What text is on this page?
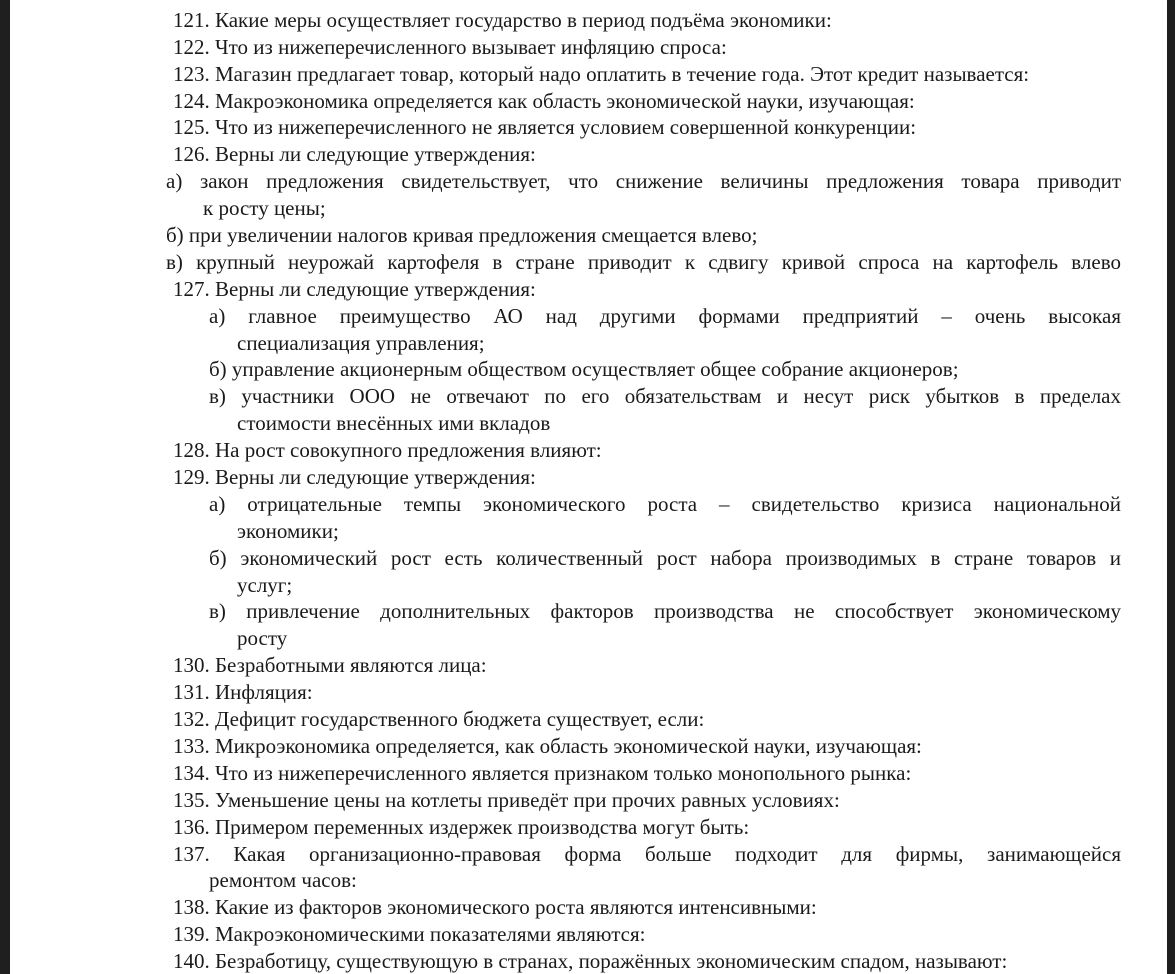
121. Какие меры осуществляет государство в период подъёма экономики:
122. Что из нижеперечисленного вызывает инфляцию спроса:
123. Магазин предлагает товар, который надо оплатить в течение года. Этот кредит называется:
124. Макроэкономика определяется как область экономической науки, изучающая:
125. Что из нижеперечисленного не является условием совершенной конкуренции:
126. Верны ли следующие утверждения:
а) закон предложения свидетельствует, что снижение величины предложения товара приводит
к росту цены;
б) при увеличении налогов кривая предложения смещается влево;
в) крупный неурожай картофеля в стране приводит к сдвигу кривой спроса на картофель влево
127. Верны ли следующие утверждения:
а) главное преимущество АО над другими формами предприятий – очень высокая
специализация управления;
б) управление акционерным обществом осуществляет общее собрание акционеров;
в) участники ООО не отвечают по его обязательствам и несут риск убытков в пределах
стоимости внесённых ими вкладов
128. На рост совокупного предложения влияют:
129. Верны ли следующие утверждения:
а) отрицательные темпы экономического роста – свидетельство кризиса национальной
экономики;
б) экономический рост есть количественный рост набора производимых в стране товаров и
услуг;
в) привлечение дополнительных факторов производства не способствует экономическому
росту
130. Безработными являются лица:
131. Инфляция:
132. Дефицит государственного бюджета существует, если:
133. Микроэкономика определяется, как область экономической науки, изучающая:
134. Что из нижеперечисленного является признаком только монопольного рынка:
135. Уменьшение цены на котлеты приведёт при прочих равных условиях:
136. Примером переменных издержек производства могут быть:
137. Какая организационно-правовая форма больше подходит для фирмы, занимающейся
ремонтом часов:
138. Какие из факторов экономического роста являются интенсивными:
139. Макроэкономическими показателями являются:
140. Безработицу, существующую в странах, поражённых экономическим спадом, называют:
